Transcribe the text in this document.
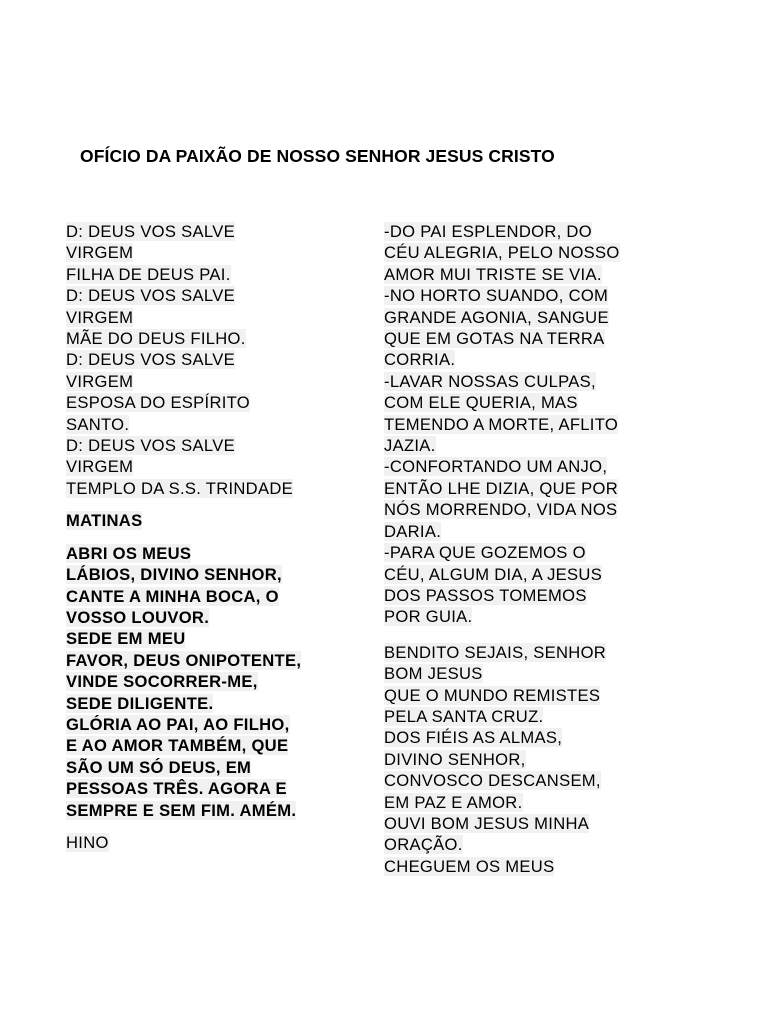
OFÍCIO DA PAIXÃO DE NOSSO SENHOR JESUS CRISTO
D: DEUS VOS SALVE
VIRGEM
FILHA DE DEUS PAI.
D: DEUS VOS SALVE
VIRGEM
MÃE DO DEUS FILHO.
D: DEUS VOS SALVE
VIRGEM
ESPOSA DO ESPÍRITO
SANTO.
D: DEUS VOS SALVE
VIRGEM
TEMPLO DA S.S. TRINDADE
MATINAS
ABRI OS MEUS
LÁBIOS, DIVINO SENHOR,
CANTE A MINHA BOCA, O
VOSSO LOUVOR.
SEDE EM MEU
FAVOR, DEUS ONIPOTENTE,
VINDE SOCORRER-ME,
SEDE DILIGENTE.
GLÓRIA AO PAI, AO FILHO,
E AO AMOR TAMBÉM, QUE
SÃO UM SÓ DEUS, EM
PESSOAS TRÊS. AGORA E
SEMPRE E SEM FIM. AMÉM.
HINO
-DO PAI ESPLENDOR, DO
CÉU ALEGRIA, PELO NOSSO
AMOR MUI TRISTE SE VIA.
-NO HORTO SUANDO, COM
GRANDE AGONIA, SANGUE
QUE EM GOTAS NA TERRA
CORRIA.
-LAVAR NOSSAS CULPAS,
COM ELE QUERIA, MAS
TEMENDO A MORTE, AFLITO
JAZIA.
-CONFORTANDO UM ANJO,
ENTÃO LHE DIZIA, QUE POR
NÓS MORRENDO, VIDA NOS
DARIA.
-PARA QUE GOZEMOS O
CÉU, ALGUM DIA, A JESUS
DOS PASSOS TOMEMOS
POR GUIA.
BENDITO SEJAIS, SENHOR
BOM JESUS
QUE O MUNDO REMISTES
PELA SANTA CRUZ.
DOS FIÉIS AS ALMAS,
DIVINO SENHOR,
CONVOSCO DESCANSEM,
EM PAZ E AMOR.
OUVI BOM JESUS MINHA
ORAÇÃO.
CHEGUEM OS MEUS
